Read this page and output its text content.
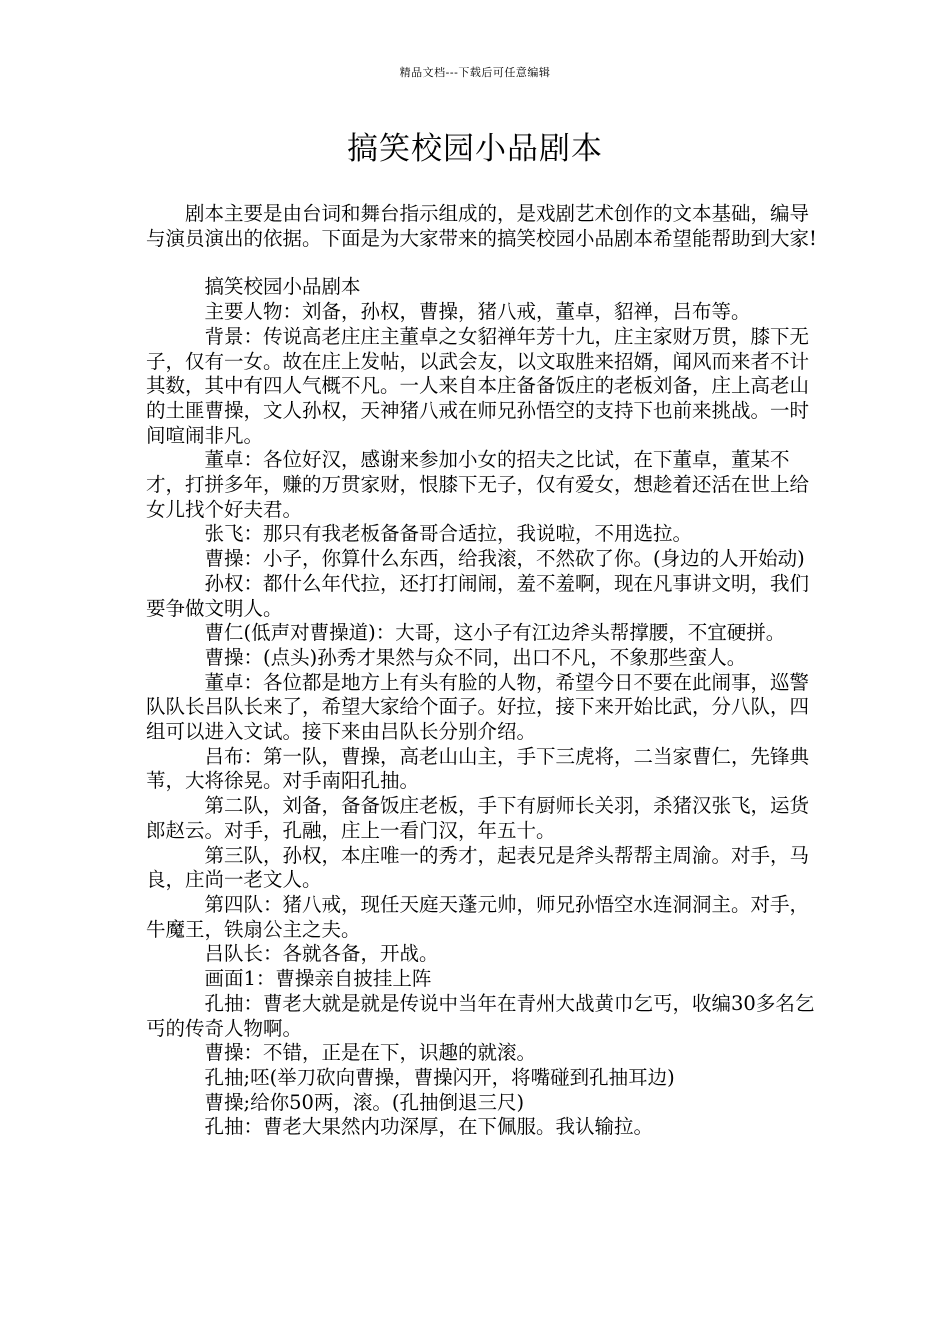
精品文档---下载后可任意编辑
搞笑校园小品剧本

剧本主要是由台词和舞台指示组成的，是戏剧艺术创作的文本基础，编导与演员演出的依据。下面是为大家带来的搞笑校园小品剧本希望能帮助到大家!

搞笑校园小品剧本

主要人物：刘备，孙权，曹操，猪八戒，董卓，貂禅，吕布等。

背景：传说高老庄庄主董卓之女貂禅年芳十九，庄主家财万贯，膝下无子，仅有一女。故在庄上发帖，以武会友，以文取胜来招婿，闻风而来者不计其数，其中有四人气概不凡。一人来自本庄备备饭庄的老板刘备，庄上高老山的土匪曹操，文人孙权，天神猪八戒在师兄孙悟空的支持下也前来挑战。一时间喧闹非凡。

董卓：各位好汉，感谢来参加小女的招夫之比试，在下董卓，董某不才，打拼多年，赚的万贯家财，恨膝下无子，仅有爱女，想趁着还活在世上给女儿找个好夫君。

张飞：那只有我老板备备哥合适拉，我说啦，不用选拉。

曹操：小子，你算什么东西，给我滚，不然砍了你。(身边的人开始动)

孙权：都什么年代拉，还打打闹闹，羞不羞啊，现在凡事讲文明，我们要争做文明人。

曹仁(低声对曹操道)：大哥，这小子有江边斧头帮撑腰，不宜硬拼。

曹操：(点头)孙秀才果然与众不同，出口不凡，不象那些蛮人。

董卓：各位都是地方上有头有脸的人物，希望今日不要在此闹事，巡警队队长吕队长来了，希望大家给个面子。好拉，接下来开始比武，分八队，四组可以进入文试。接下来由吕队长分别介绍。

吕布：第一队，曹操，高老山山主，手下三虎将，二当家曹仁，先锋典苇，大将徐晃。对手南阳孔抽。

第二队，刘备，备备饭庄老板，手下有厨师长关羽，杀猪汉张飞，运货郎赵云。对手，孔融，庄上一看门汉，年五十。

第三队，孙权，本庄唯一的秀才，起表兄是斧头帮帮主周渝。对手，马良，庄尚一老文人。

第四队：猪八戒，现任天庭天蓬元帅，师兄孙悟空水连洞洞主。对手，牛魔王，铁扇公主之夫。

吕队长：各就各备，开战。

画面1：曹操亲自披挂上阵

孔抽：曹老大就是就是传说中当年在青州大战黄巾乞丐，收编30多名乞丐的传奇人物啊。

曹操：不错，正是在下，识趣的就滚。

孔抽;呸(举刀砍向曹操，曹操闪开，将嘴碰到孔抽耳边)

曹操;给你50两，滚。(孔抽倒退三尺)

孔抽：曹老大果然内功深厚，在下佩服。我认输拉。
